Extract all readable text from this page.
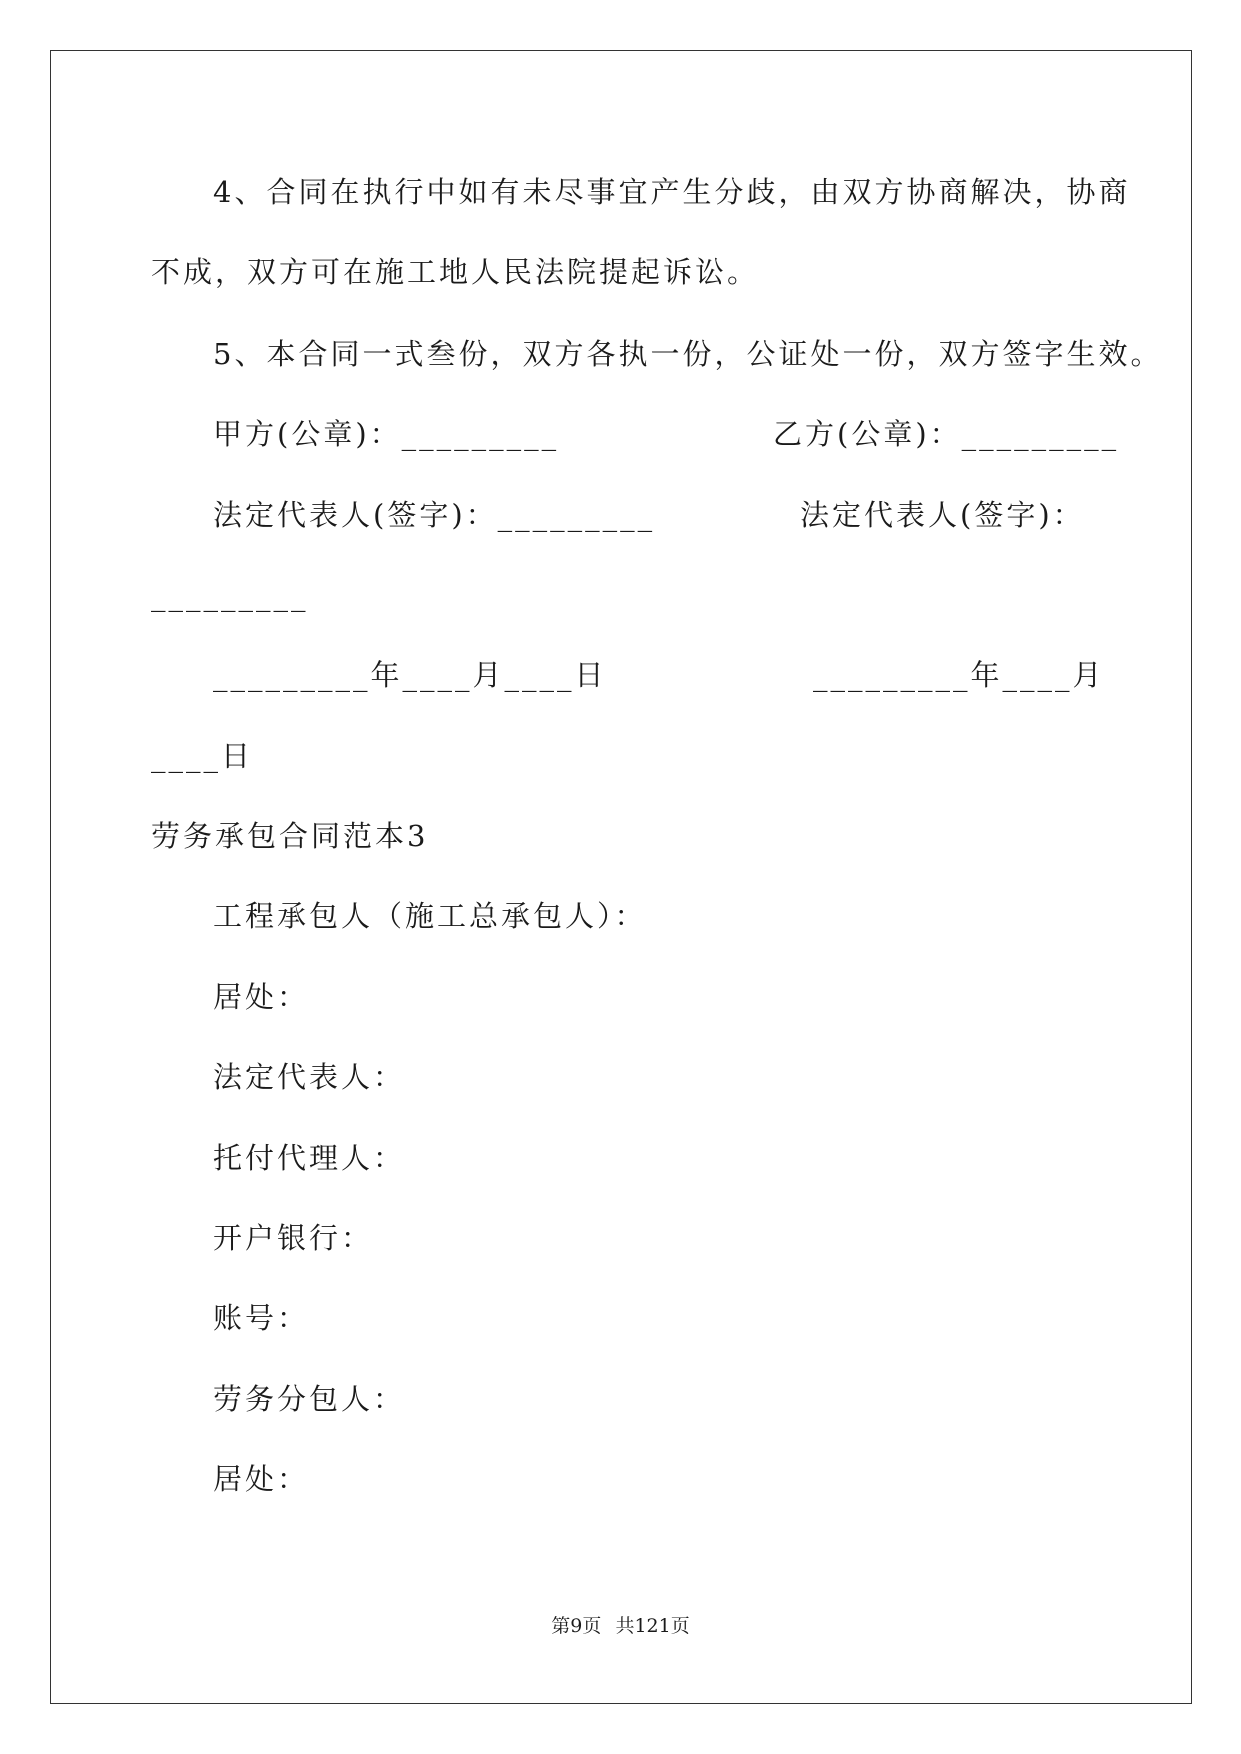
4、合同在执行中如有未尽事宜产生分歧，由双方协商解决，协商
不成，双方可在施工地人民法院提起诉讼。
5、本合同一式叁份，双方各执一份，公证处一份，双方签字生效。
甲方(公章)：_________	乙方(公章)：_________
法定代表人(签字)：_________	法定代表人(签字)：
_________
_________年____月____日	_________年____月
____日
劳务承包合同范本3
工程承包人（施工总承包人）：
居处：
法定代表人：
托付代理人：
开户银行：
账号：
劳务分包人：
居处：
第9页 共121页
